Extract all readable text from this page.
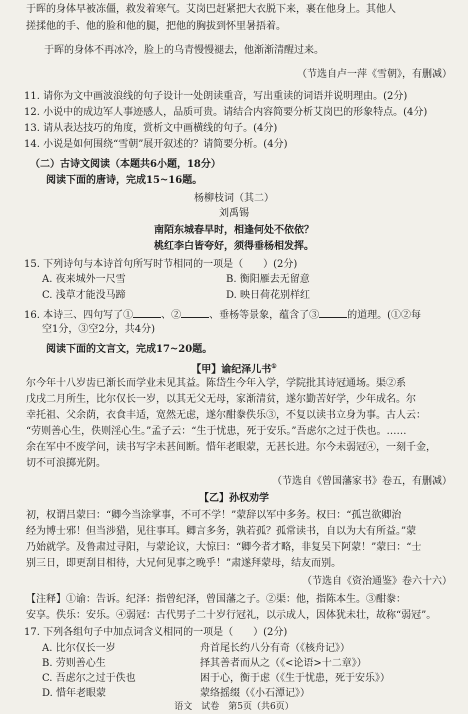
于晖的身体早被冻僵，救发着寒气。艾岗巴赶紧把大衣脱下来，裹在他身上。其他人
搓揉他的手、他的脸和他的腿，把他的胸拔到怀里暑捂着。
于晖的身体不再冰冷，脸上的乌青慢慢褪去，他渐渐清醒过来。
（节选自卢一萍《雪朝》，有删减）
11. 请你为文中画波浪线的句子设计一处朗读重音，写出重读的词语并说明理由。(2分)
12. 小说中的成边军人事迹感人，品质可贵。请结合内容简要分析艾岗巴的形象特点。(4分)
13. 请从表达技巧的角度，赏析文中画横线的句子。(4分)
14. 小说是如何围绕“雪朝”展开叙述的？请简要分析。(4分)
（二）古诗文阅读（本题共6小题，18分）
阅读下面的唐诗，完成15~16题。
杨柳枝词（其二）
刘禹锡
南陌东城春早时，相逢何处不依依？
桃红李白皆夸好，须得垂杨相发挥。
15. 下列诗句与本诗首句所写时节相同的一项是（　　）(2分)
A. 夜来城外一尺雪	B. 衡阳雁去无留意
C. 浅草才能没马蹄	D. 映日荷花别样红
16. 本诗三、四句写了①	、②	、垂杨等景象，蕴含了③	的道理。(①②每
空1分，③空2分，共4分)
阅读下面的文言文，完成17~20题。
【甲】谕纪泽儿书①
尔今年十八岁齿已渐长而学业未见其益。陈岱生今年入学，学院批其诗冠通场。渠②系
戊戌二月所生，比尔仅长一岁，以其无父无母，家渐清贫，遂尔勤苦好学，少年成名。尔
幸托祖、父余荫，衣食丰适，宽然无虑，遂尔酣豢佚乐③，不复以读书立身为事。古人云：
“劳则善心生，佚则淫心生。”孟子云：“生于忧患，死于安乐。”吾虑尔之过于佚也。……
余在军中不废学问，读书写字未甚间断。惜年老眼蒙，无甚长进。尔今未弱冠④，一刻千金，
切不可浪掷光阴。
（节选自《曾国藩家书》卷五，有删减）
【乙】孙权劝学
初，权谓吕蒙曰：“卿今当涂掌事，不可不学！”蒙辞以军中多务。权曰：“孤岂欲卿治
经为博士邪！但当涉猎，见往事耳。卿言多务，孰若孤？孤常读书，自以为大有所益。”蒙
乃始就学。及鲁肃过寻阳，与蒙论议，大惊曰：“卿今者才略，非复吴下阿蒙！”蒙曰：“士
别三日，即更刮目相待，大兄何见事之晚乎！”肃遂拜蒙母，结友而别。
（节选自《资治通鉴》卷六十六）
【注释】①谕：告诉。纪泽：指曾纪泽，曾国藩之子。②渠：他，指陈本生。③酣豢：
安享。佚乐：安乐。④弱冠：古代男子二十岁行冠礼，以示成人，因体犹未壮，故称“弱冠”。
17. 下列各组句子中加点词含义相同的一项是（　　）(2分)
A. 比尔仅长一岁	舟首尾长约八分有奇（《核舟记》）
B. 劳则善心生	择其善者而从之（《<论语>十二章》）
C. 吾虑尔之过于佚也	困于心，衡于虑（《生于忧患，死于安乐》）
D. 惜年老眼蒙	蒙络摇缀（《小石潭记》）
语文　试卷　第5页（共6页）
